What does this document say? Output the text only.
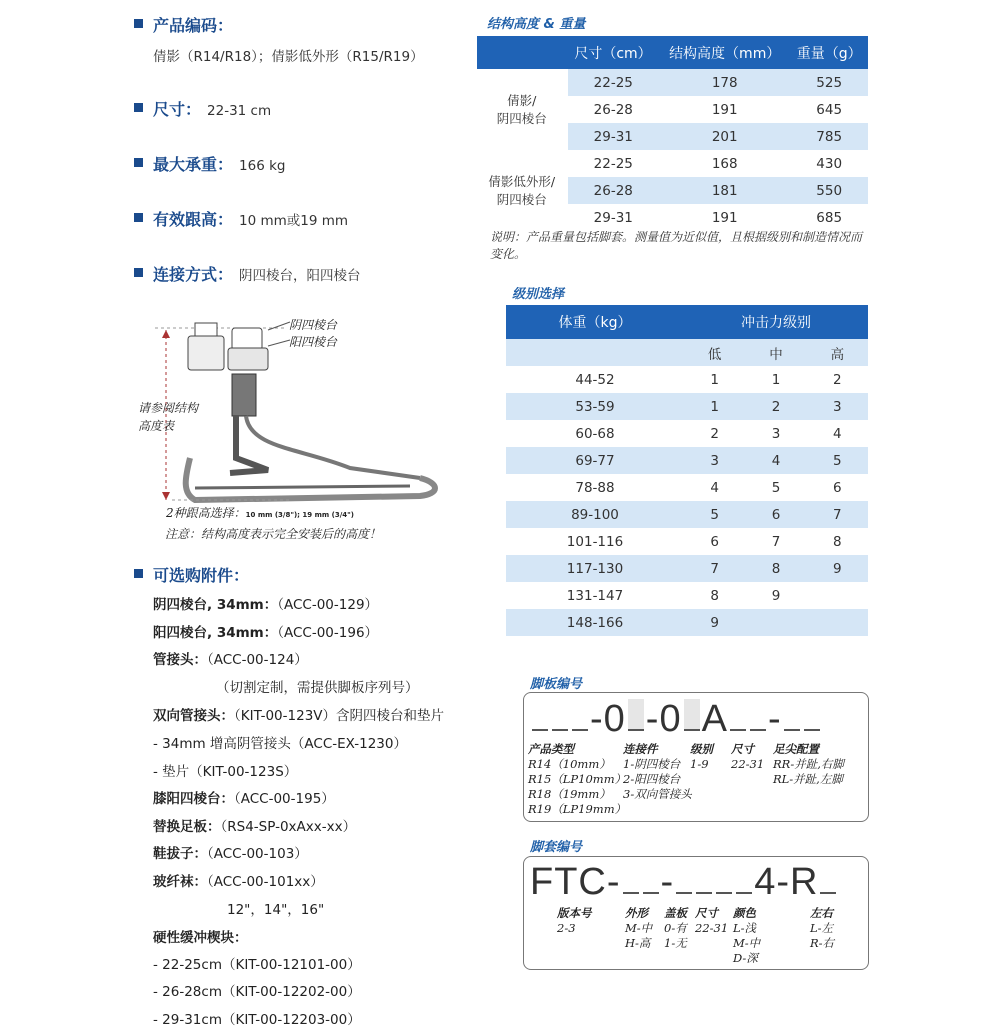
产品编码：
倩影（R14/R18）；倩影低外形（R15/R19）
尺寸： 22-31 cm
最大承重： 166 kg
有效跟高： 10 mm或19 mm
连接方式： 阴四棱台，阳四棱台
阴四棱台
阳四棱台
请参阅结构高度表
2种跟高选择：10 mm (3/8"); 19 mm (3/4")
注意：结构高度表示完全安装后的高度！
可选购附件：
阴四棱台, 34mm：（ACC-00-129）
阳四棱台, 34mm：（ACC-00-196）
管接头：（ACC-00-124）
（切割定制，需提供脚板序列号）
双向管接头：（KIT-00-123V）含阴四棱台和垫片
- 34mm 增高阴管接头（ACC-EX-1230）
- 垫片（KIT-00-123S）
膝阳四棱台：（ACC-00-195）
替换足板：（RS4-SP-0xAxx-xx）
鞋拔子：（ACC-00-103）
玻纤袜：（ACC-00-101xx）
12"，14"，16"
硬性缓冲楔块：
- 22-25cm（KIT-00-12101-00）
- 26-28cm（KIT-00-12202-00）
- 29-31cm（KIT-00-12203-00）
结构高度 & 重量
	尺寸（cm）	结构高度（mm）	重量（g）
倩影/
阴四棱台	22-25	178	525
	26-28	191	645
	29-31	201	785
倩影低外形/
阴四棱台	22-25	168	430
	26-28	181	550
	29-31	191	685
说明：产品重量包括脚套。测量值为近似值，且根据级别和制造情况而变化。
级别选择
体重（kg）	冲击力级别		
	低	中	高
44-52	1	1	2
53-59	1	2	3
60-68	2	3	4
69-77	3	4	5
78-88	4	5	6
89-100	5	6	7
101-116	6	7	8
117-130	7	8	9
131-147	8	9	
148-166	9		
脚板编号
-0 -0 A -
产品类型
R14（10mm）
R15（LP10mm）
R18（19mm）
R19（LP19mm）
连接件
1-阴四棱台
2-阳四棱台
3-双向管接头
级别
1-9
尺寸
22-31
足尖配置
RR-并趾,右脚
RL-并趾,左脚
脚套编号
FTC- - 4-R
版本号
2-3
外形
M-中
H-高
盖板
0-有
1-无
尺寸
22-31
颜色
L-浅
M-中
D-深
左右
L-左
R-右
